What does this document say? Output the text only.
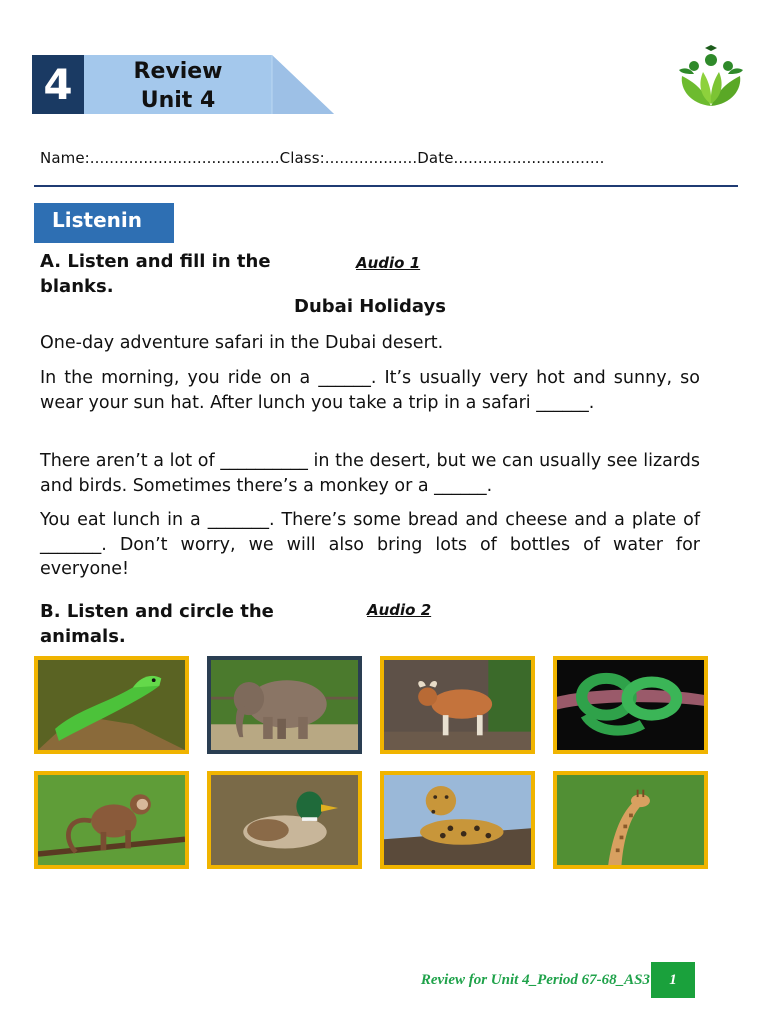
4	Review
Unit 4
Name:.......................................Class:...................Date...............................
Listenin
A. Listen and fill in the
blanks.
Audio 1
Dubai Holidays

One-day adventure safari in the Dubai desert.

In the morning, you ride on a ______. It’s usually very hot and sunny, so wear your sun hat. After lunch you take a trip in a safari ______.

There aren’t a lot of __________ in the desert, but we can usually see lizards and birds. Sometimes there’s a monkey or a ______.

You eat lunch in a _______. There’s some bread and cheese and a plate of _______. Don’t worry, we will also bring lots of bottles of water for everyone!

B. Listen and circle the
animals.
Audio 2
Review for Unit 4_Period 67-68_AS3	1
